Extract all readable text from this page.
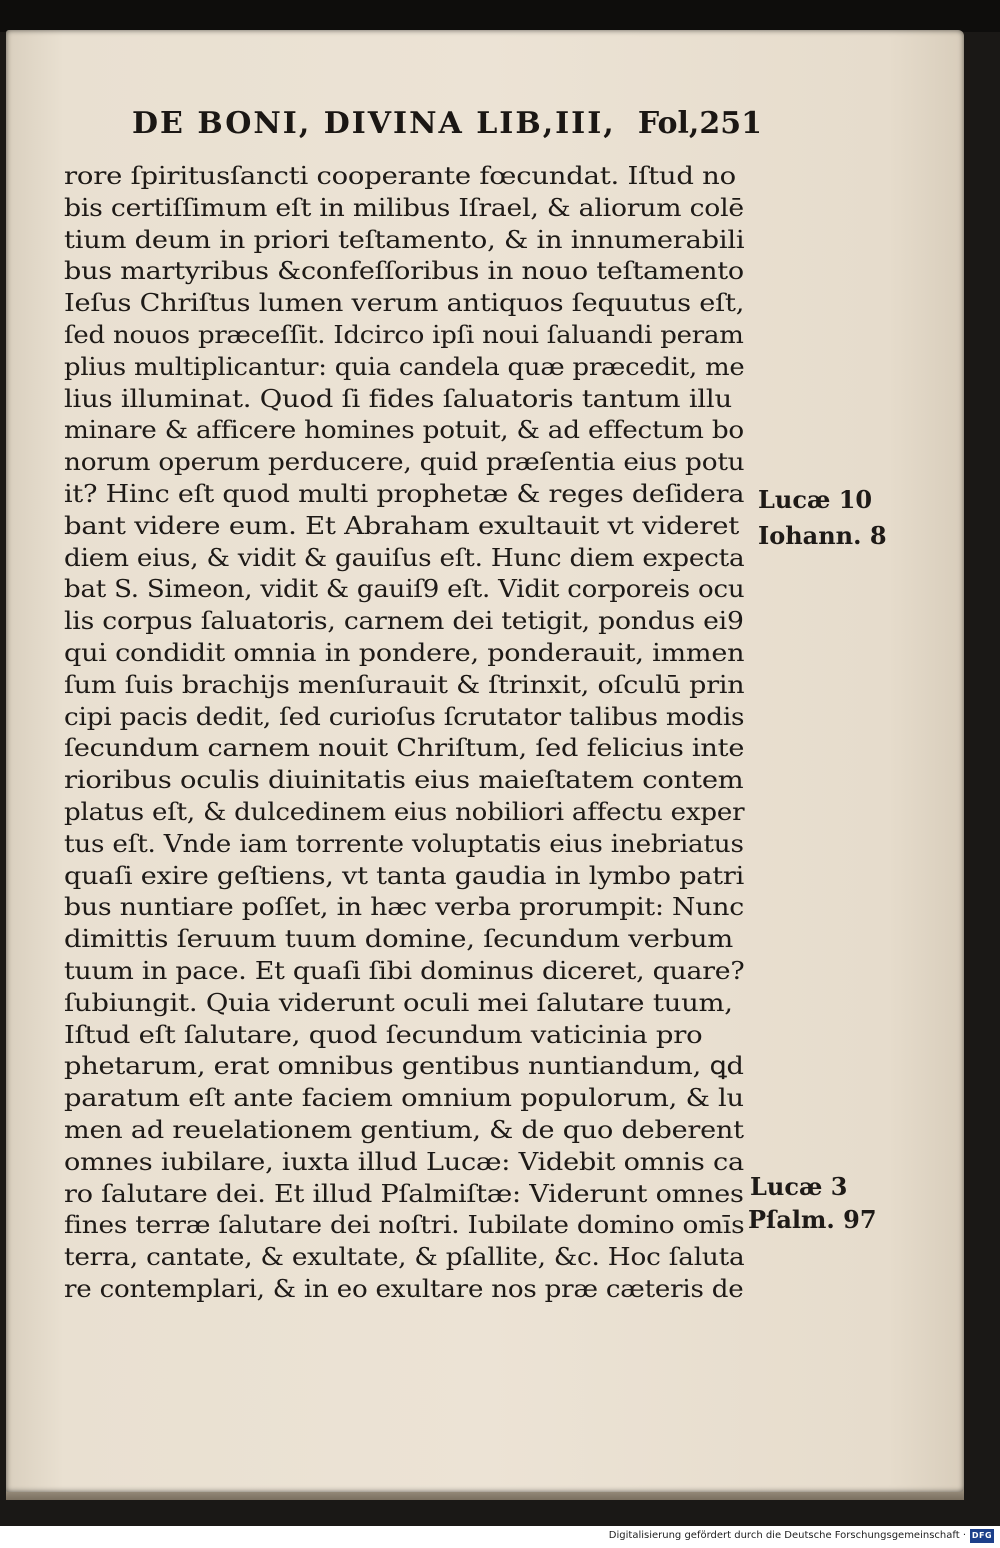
DE BONI, DIVINA LIB,III, Fol,251
rore ſpiritusſancti cooperante fœcundat. Iſtud no
bis certiſſimum eſt in milibus Iſrael, & aliorum colē
tium deum in priori teſtamento, & in innumerabili
bus martyribus &confeſſoribus in nouo teſtamento
Ieſus Chriſtus lumen verum antiquos ſequutus eſt,
ſed nouos præceſſit. Idcirco ipſi noui ſaluandi peram
plius multiplicantur: quia candela quæ præcedit, me
lius illuminat. Quod ſi fides ſaluatoris tantum illu
minare & afficere homines potuit, & ad effectum bo
norum operum perducere, quid præſentia eius potu
it? Hinc eſt quod multi prophetæ & reges deſidera
bant videre eum. Et Abraham exultauit vt videret
diem eius, & vidit & gauiſus eſt. Hunc diem expecta
bat S. Simeon, vidit & gauiſ9 eſt. Vidit corporeis ocu
lis corpus ſaluatoris, carnem dei tetigit, pondus ei9
qui condidit omnia in pondere, ponderauit, immen
ſum ſuis brachijs menſurauit & ſtrinxit, oſculū prin
cipi pacis dedit, ſed curioſus ſcrutator talibus modis
ſecundum carnem nouit Chriſtum, ſed felicius inte
rioribus oculis diuinitatis eius maieſtatem contem
platus eſt, & dulcedinem eius nobiliori affectu exper
tus eſt. Vnde iam torrente voluptatis eius inebriatus
quaſi exire geſtiens, vt tanta gaudia in lymbo patri
bus nuntiare poſſet, in hæc verba prorumpit: Nunc
dimittis ſeruum tuum domine, ſecundum verbum
tuum in pace. Et quaſi ſibi dominus diceret, quare?
ſubiungit. Quia viderunt oculi mei ſalutare tuum,
Iſtud eſt ſalutare, quod ſecundum vaticinia pro
phetarum, erat omnibus gentibus nuntiandum, ꝗd
paratum eſt ante faciem omnium populorum, & lu
men ad reuelationem gentium, & de quo deberent
omnes iubilare, iuxta illud Lucæ: Videbit omnis ca
ro ſalutare dei. Et illud Pſalmiſtæ: Viderunt omnes
fines terræ ſalutare dei noſtri. Iubilate domino omīs
terra, cantate, & exultate, & pſallite, &c. Hoc ſaluta
re contemplari, & in eo exultare nos præ cæteris de
Lucæ 10
Iohann. 8
Lucæ 3
Pſalm. 97
Digitalisierung gefördert durch die Deutsche Forschungsgemeinschaft · DFG
